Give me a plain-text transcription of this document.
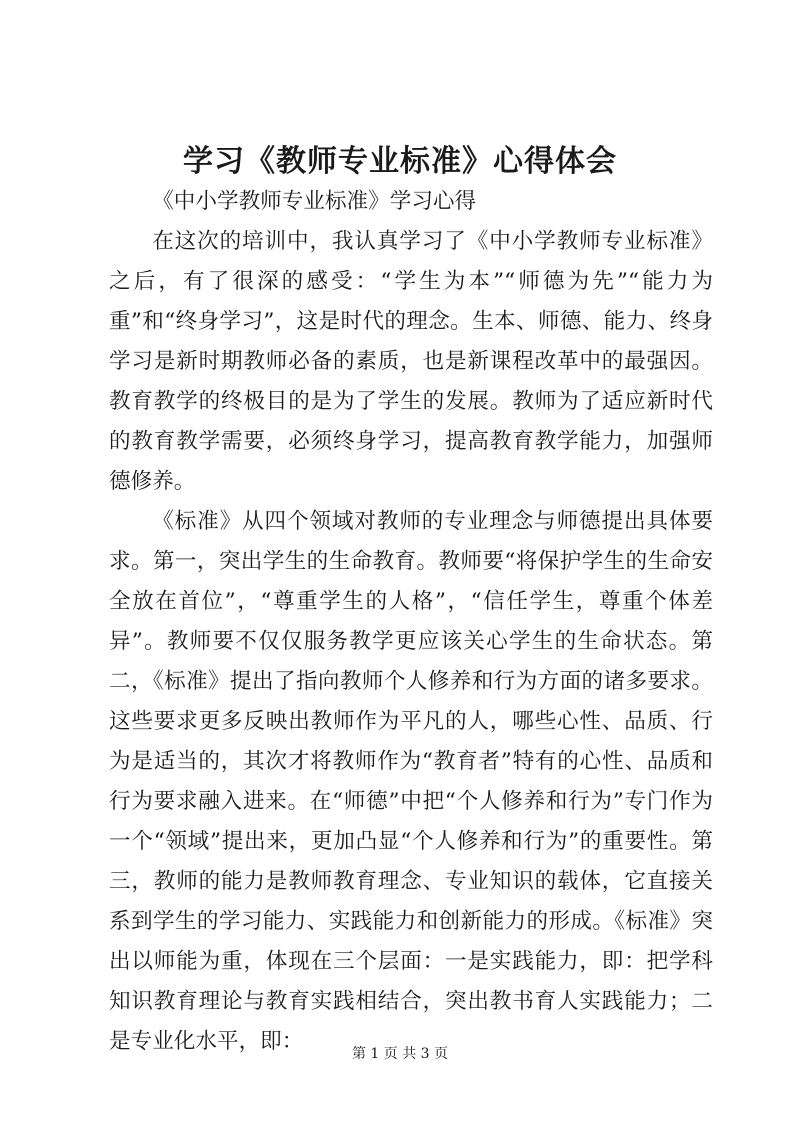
学习《教师专业标准》心得体会

《中小学教师专业标准》学习心得

在这次的培训中，我认真学习了《中小学教师专业标准》之后，有了很深的感受：“学生为本”“师德为先”“能力为重”和“终身学习”，这是时代的理念。生本、师德、能力、终身学习是新时期教师必备的素质，也是新课程改革中的最强因。教育教学的终极目的是为了学生的发展。教师为了适应新时代的教育教学需要，必须终身学习，提高教育教学能力，加强师德修养。

《标准》从四个领域对教师的专业理念与师德提出具体要求。第一，突出学生的生命教育。教师要“将保护学生的生命安全放在首位”，“尊重学生的人格”，“信任学生，尊重个体差异”。教师要不仅仅服务教学更应该关心学生的生命状态。第二，《标准》提出了指向教师个人修养和行为方面的诸多要求。这些要求更多反映出教师作为平凡的人，哪些心性、品质、行为是适当的，其次才将教师作为“教育者”特有的心性、品质和行为要求融入进来。在“师德”中把“个人修养和行为”专门作为一个“领域”提出来，更加凸显“个人修养和行为”的重要性。第三，教师的能力是教师教育理念、专业知识的载体，它直接关系到学生的学习能力、实践能力和创新能力的形成。《标准》突出以师能为重，体现在三个层面：一是实践能力，即：把学科知识教育理论与教育实践相结合，突出教书育人实践能力；二是专业化水平，即：	第 1 页 共 3 页
